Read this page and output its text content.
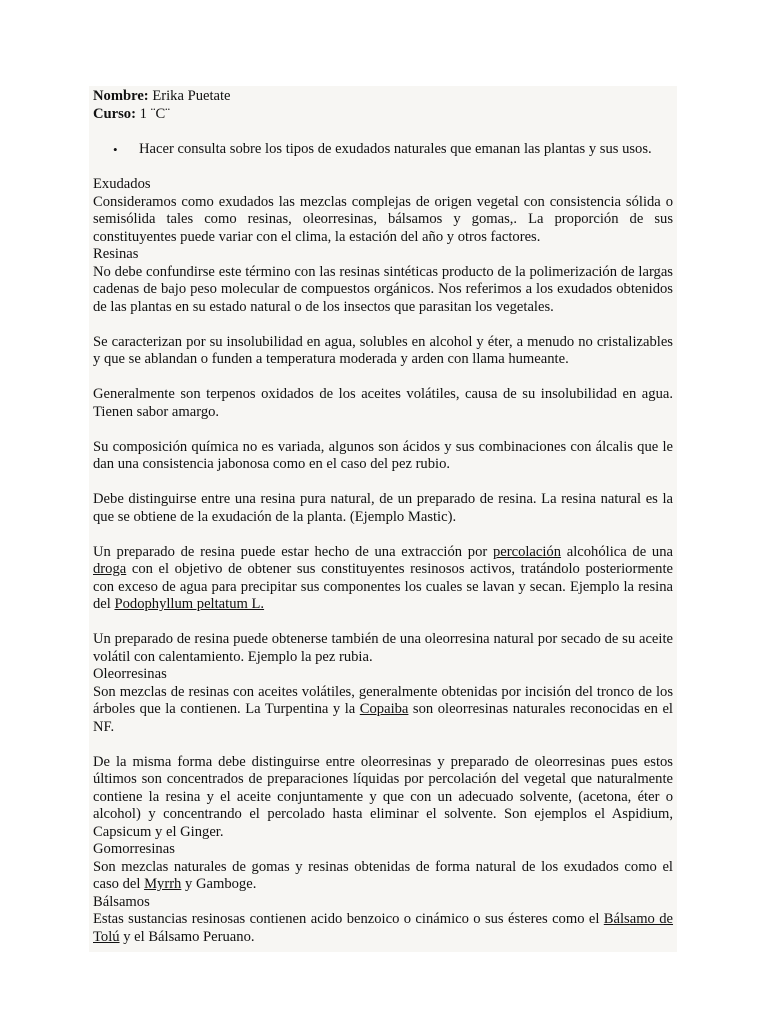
Nombre: Erika Puetate

Curso: 1 ¨C¨

•	Hacer consulta sobre los tipos de exudados naturales que emanan las plantas y sus usos.

Exudados

Consideramos como exudados las mezclas complejas de origen vegetal con consistencia sólida o semisólida tales como resinas, oleorresinas, bálsamos y gomas,. La proporción de sus constituyentes puede variar con el clima, la estación del año y otros factores.

Resinas

No debe confundirse este término con las resinas sintéticas producto de la polimerización de largas cadenas de bajo peso molecular de compuestos orgánicos. Nos referimos a los exudados obtenidos de las plantas en su estado natural o de los insectos que parasitan los vegetales.

Se caracterizan por su insolubilidad en agua, solubles en alcohol y éter, a menudo no cristalizables y que se ablandan o funden a temperatura moderada y arden con llama humeante.

Generalmente son terpenos oxidados de los aceites volátiles, causa de su insolubilidad en agua. Tienen sabor amargo.

Su composición química no es variada, algunos son ácidos y sus combinaciones con álcalis que le dan una consistencia jabonosa como en el caso del pez rubio.

Debe distinguirse entre una resina pura natural, de un preparado de resina. La resina natural es la que se obtiene de la exudación de la planta. (Ejemplo Mastic).

Un preparado de resina puede estar hecho de una extracción por percolación alcohólica de una droga con el objetivo de obtener sus constituyentes resinosos activos, tratándolo posteriormente con exceso de agua para precipitar sus componentes los cuales se lavan y secan. Ejemplo la resina del Podophyllum peltatum L.

Un preparado de resina puede obtenerse también de una oleorresina natural por secado de su aceite volátil con calentamiento. Ejemplo la pez rubia.

Oleorresinas

Son mezclas de resinas con aceites volátiles, generalmente obtenidas por incisión del tronco de los árboles que la contienen. La Turpentina y la Copaiba son oleorresinas naturales reconocidas en el NF.

De la misma forma debe distinguirse entre oleorresinas y preparado de oleorresinas pues estos últimos son concentrados de preparaciones líquidas por percolación del vegetal que naturalmente contiene la resina y el aceite conjuntamente y que con un adecuado solvente, (acetona, éter o alcohol) y concentrando el percolado hasta eliminar el solvente. Son ejemplos el Aspidium, Capsicum y el Ginger.

Gomorresinas

Son mezclas naturales de gomas y resinas obtenidas de forma natural de los exudados como el caso del Myrrh y Gamboge.

Bálsamos

Estas sustancias resinosas contienen acido benzoico o cinámico o sus ésteres como el Bálsamo de Tolú y el Bálsamo Peruano.
